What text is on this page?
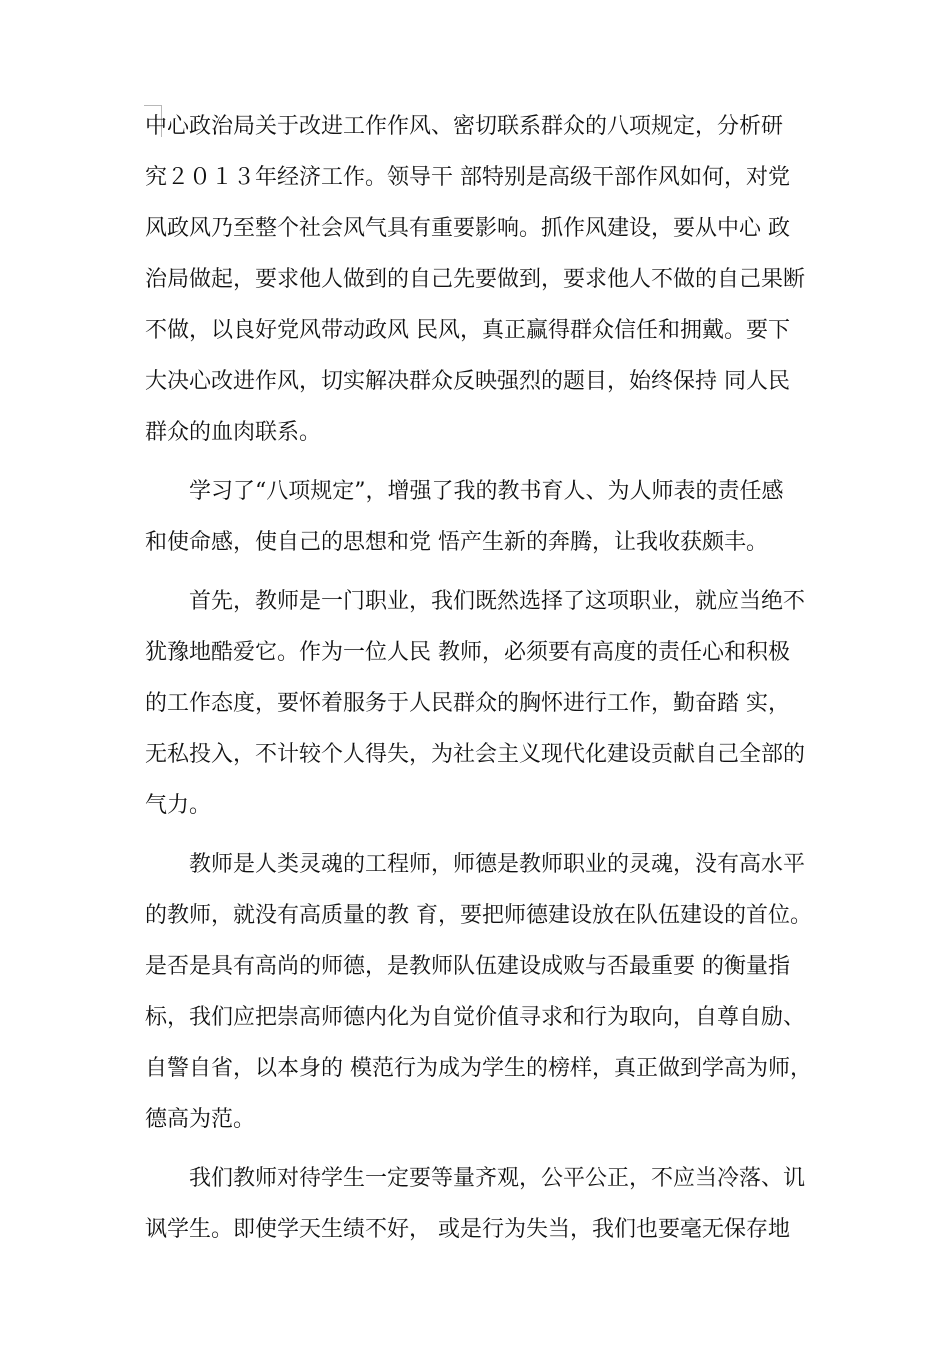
中心政治局关于改进工作作风、密切联系群众的八项规定，分析研
究２０１３年经济工作。领导干 部特别是高级干部作风如何，对党
风政风乃至整个社会风气具有重要影响。抓作风建设，要从中心 政
治局做起，要求他人做到的自己先要做到，要求他人不做的自己果断
不做，以良好党风带动政风 民风，真正赢得群众信任和拥戴。要下
大决心改进作风，切实解决群众反映强烈的题目，始终保持 同人民
群众的血肉联系。
学习了“八项规定”，增强了我的教书育人、为人师表的责任感
和使命感，使自己的思想和党 悟产生新的奔腾，让我收获颇丰。
首先，教师是一门职业，我们既然选择了这项职业，就应当绝不
犹豫地酷爱它。作为一位人民 教师，必须要有高度的责任心和积极
的工作态度，要怀着服务于人民群众的胸怀进行工作，勤奋踏 实，
无私投入，不计较个人得失，为社会主义现代化建设贡献自己全部的
气力。
教师是人类灵魂的工程师，师德是教师职业的灵魂，没有高水平
的教师，就没有高质量的教 育，要把师德建设放在队伍建设的首位。
是否是具有高尚的师德，是教师队伍建设成败与否最重要 的衡量指
标，我们应把崇高师德内化为自觉价值寻求和行为取向，自尊自励、
自警自省，以本身的 模范行为成为学生的榜样，真正做到学高为师，
德高为范。
我们教师对待学生一定要等量齐观，公平公正，不应当冷落、讥
讽学生。即使学天生绩不好， 或是行为失当，我们也要毫无保存地
